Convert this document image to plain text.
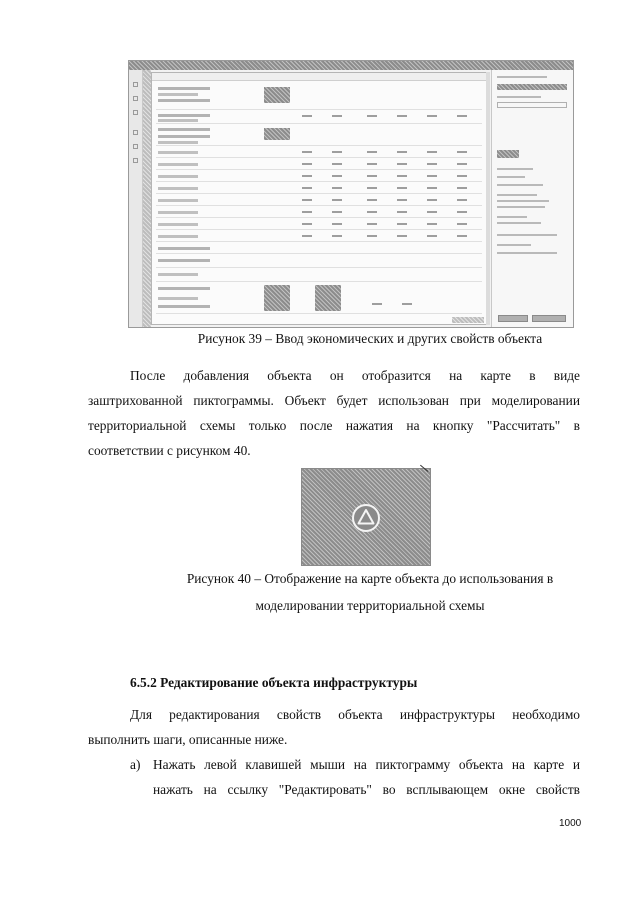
Рисунок 39 – Ввод экономических и других свойств объекта
После добавления объекта он отобразится на карте в виде
заштрихованной пиктограммы. Объект будет использован при моделировании
территориальной схемы только после нажатия на кнопку "Рассчитать" в
соответствии с рисунком 40.
Рисунок 40 – Отображение на карте объекта до использования в
моделировании территориальной схемы
6.5.2 Редактирование объекта инфраструктуры
Для редактирования свойств объекта инфраструктуры необходимо
выполнить шаги, описанные ниже.
а) Нажать левой клавишей мыши на пиктограмму объекта на карте и
нажать на ссылку "Редактировать" во всплывающем окне свойств
1000
